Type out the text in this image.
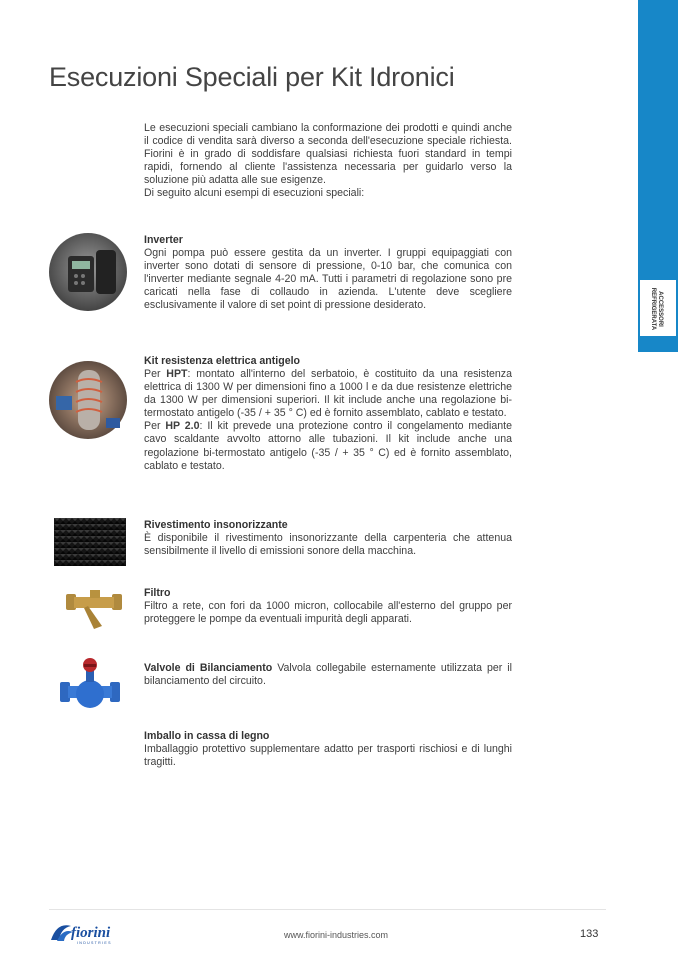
ACCESSORI
REFRIGERATA
Esecuzioni Speciali per Kit Idronici

Le esecuzioni speciali cambiano la conformazione dei prodotti e quindi anche il codice di vendita sarà diverso a seconda dell'esecuzione speciale richiesta. Fiorini è in grado di soddisfare qualsiasi richiesta fuori standard in tempi rapidi, fornendo al cliente l'assistenza necessaria per guidarlo verso la soluzione più adatta alle sue esigenze.

Di seguito alcuni esempi di esecuzioni speciali:

Inverter

Ogni pompa può essere gestita da un inverter. I gruppi equipaggiati con inverter sono dotati di sensore di pressione, 0-10 bar, che comunica con l'inverter mediante segnale 4-20 mA. Tutti i parametri di regolazione sono pre caricati nella fase di collaudo in azienda. L'utente deve scegliere esclusivamente il valore di set point di pressione desiderato.

Kit resistenza elettrica antigelo

Per HPT: montato all'interno del serbatoio, è costituito da una resistenza elettrica di 1300 W per dimensioni fino a 1000 l e da due resistenze elettriche da 1300 W per dimensioni superiori. Il kit include anche una regolazione bi-termostato antigelo (-35 / + 35 ° C) ed è fornito assemblato, cablato e testato.

Per HP 2.0: Il kit prevede una protezione contro il congelamento mediante cavo scaldante avvolto attorno alle tubazioni. Il kit include anche una regolazione bi-termostato antigelo (-35 / + 35 ° C) ed è fornito assemblato, cablato e testato.

Rivestimento insonorizzante

È disponibile il rivestimento insonorizzante della carpenteria che attenua sensibilmente il livello di emissioni sonore della macchina.

Filtro

Filtro a rete, con fori da 1000 micron, collocabile all'esterno del gruppo per proteggere le pompe da eventuali impurità degli apparati.

Valvole di Bilanciamento Valvola collegabile esternamente utilizzata per il bilanciamento del circuito.

Imballo in cassa di legno

Imballaggio protettivo supplementare adatto per trasporti rischiosi e di lunghi tragitti.

fiorini
INDUSTRIES
www.fiorini-industries.com	133
